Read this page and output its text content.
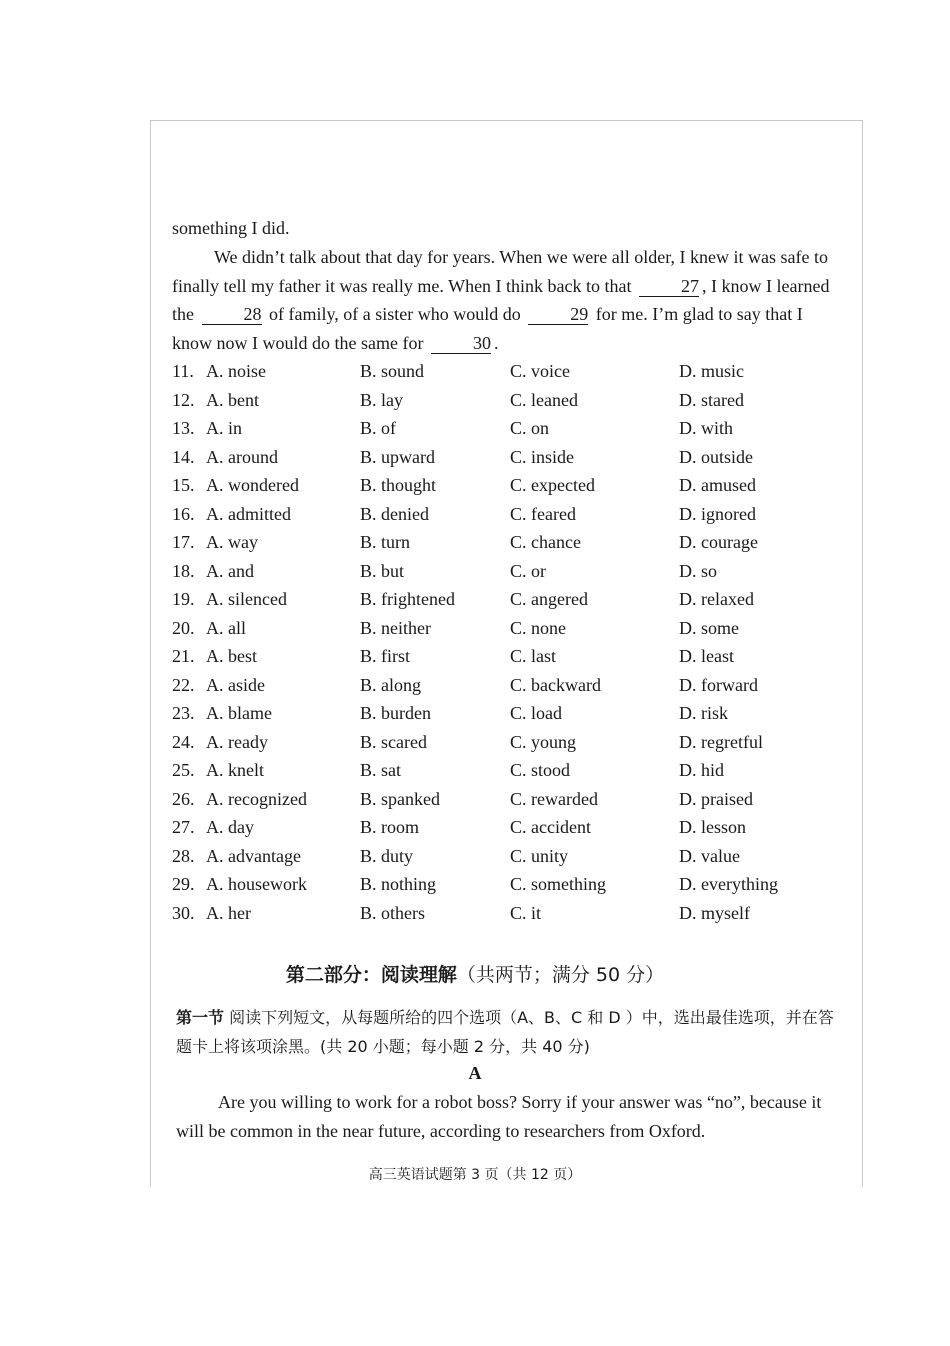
something I did.
We didn’t talk about that day for years. When we were all older, I knew it was safe to finally tell my father it was really me. When I think back to that	27 , I know I learned the	28 of family, of a sister who would do	29 for me. I’m glad to say that I know now I would do the same for	30 .
11. A. noise	B. sound	C. voice	D. music
12. A. bent	B. lay	C. leaned	D. stared
13. A. in	B. of	C. on	D. with
14. A. around	B. upward	C. inside	D. outside
15. A. wondered	B. thought	C. expected	D. amused
16. A. admitted	B. denied	C. feared	D. ignored
17. A. way	B. turn	C. chance	D. courage
18. A. and	B. but	C. or	D. so
19. A. silenced	B. frightened	C. angered	D. relaxed
20. A. all	B. neither	C. none	D. some
21. A. best	B. first	C. last	D. least
22. A. aside	B. along	C. backward	D. forward
23. A. blame	B. burden	C. load	D. risk
24. A. ready	B. scared	C. young	D. regretful
25. A. knelt	B. sat	C. stood	D. hid
26. A. recognized	B. spanked	C. rewarded	D. praised
27. A. day	B. room	C. accident	D. lesson
28. A. advantage	B. duty	C. unity	D. value
29. A. housework	B. nothing	C. something	D. everything
30. A. her	B. others	C. it	D. myself
第二部分：阅读理解（共两节；满分 50 分）
第一节 阅读下列短文，从每题所给的四个选项（A、B、C 和 D ）中，选出最佳选项，并在答题卡上将该项涂黑。(共 20 小题；每小题 2 分，共 40 分)
A
Are you willing to work for a robot boss? Sorry if your answer was “no”, because it will be common in the near future, according to researchers from Oxford.
高三英语试题第 3 页（共 12 页）
